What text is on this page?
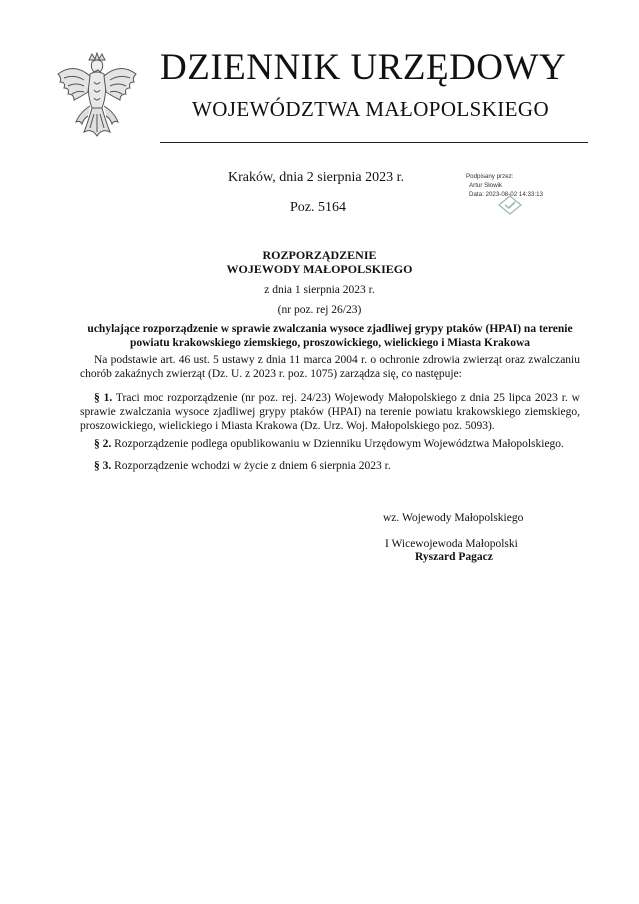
DZIENNIK URZĘDOWY
WOJEWÓDZTWA MAŁOPOLSKIEGO
Kraków, dnia 2 sierpnia 2023 r.
Poz. 5164
Podpisany przez:
Artur Słowik
Data: 2023-08-02 14:33:13
ROZPORZĄDZENIE
WOJEWODY MAŁOPOLSKIEGO
z dnia 1 sierpnia 2023 r.
(nr poz. rej 26/23)
uchylające rozporządzenie w sprawie zwalczania wysoce zjadliwej grypy ptaków (HPAI) na terenie powiatu krakowskiego ziemskiego, proszowickiego, wielickiego i Miasta Krakowa
Na podstawie art. 46 ust. 5 ustawy z dnia 11 marca 2004 r. o ochronie zdrowia zwierząt oraz zwalczaniu chorób zakaźnych zwierząt (Dz. U. z 2023 r. poz. 1075) zarządza się, co następuje:
§ 1. Traci moc rozporządzenie (nr poz. rej. 24/23) Wojewody Małopolskiego z dnia 25 lipca 2023 r. w sprawie zwalczania wysoce zjadliwej grypy ptaków (HPAI) na terenie powiatu krakowskiego ziemskiego, proszowickiego, wielickiego i Miasta Krakowa (Dz. Urz. Woj. Małopolskiego poz. 5093).
§ 2. Rozporządzenie podlega opublikowaniu w Dzienniku Urzędowym Województwa Małopolskiego.
§ 3. Rozporządzenie wchodzi w życie z dniem 6 sierpnia 2023 r.
wz. Wojewody Małopolskiego
I Wicewojewoda Małopolski
Ryszard Pagacz
